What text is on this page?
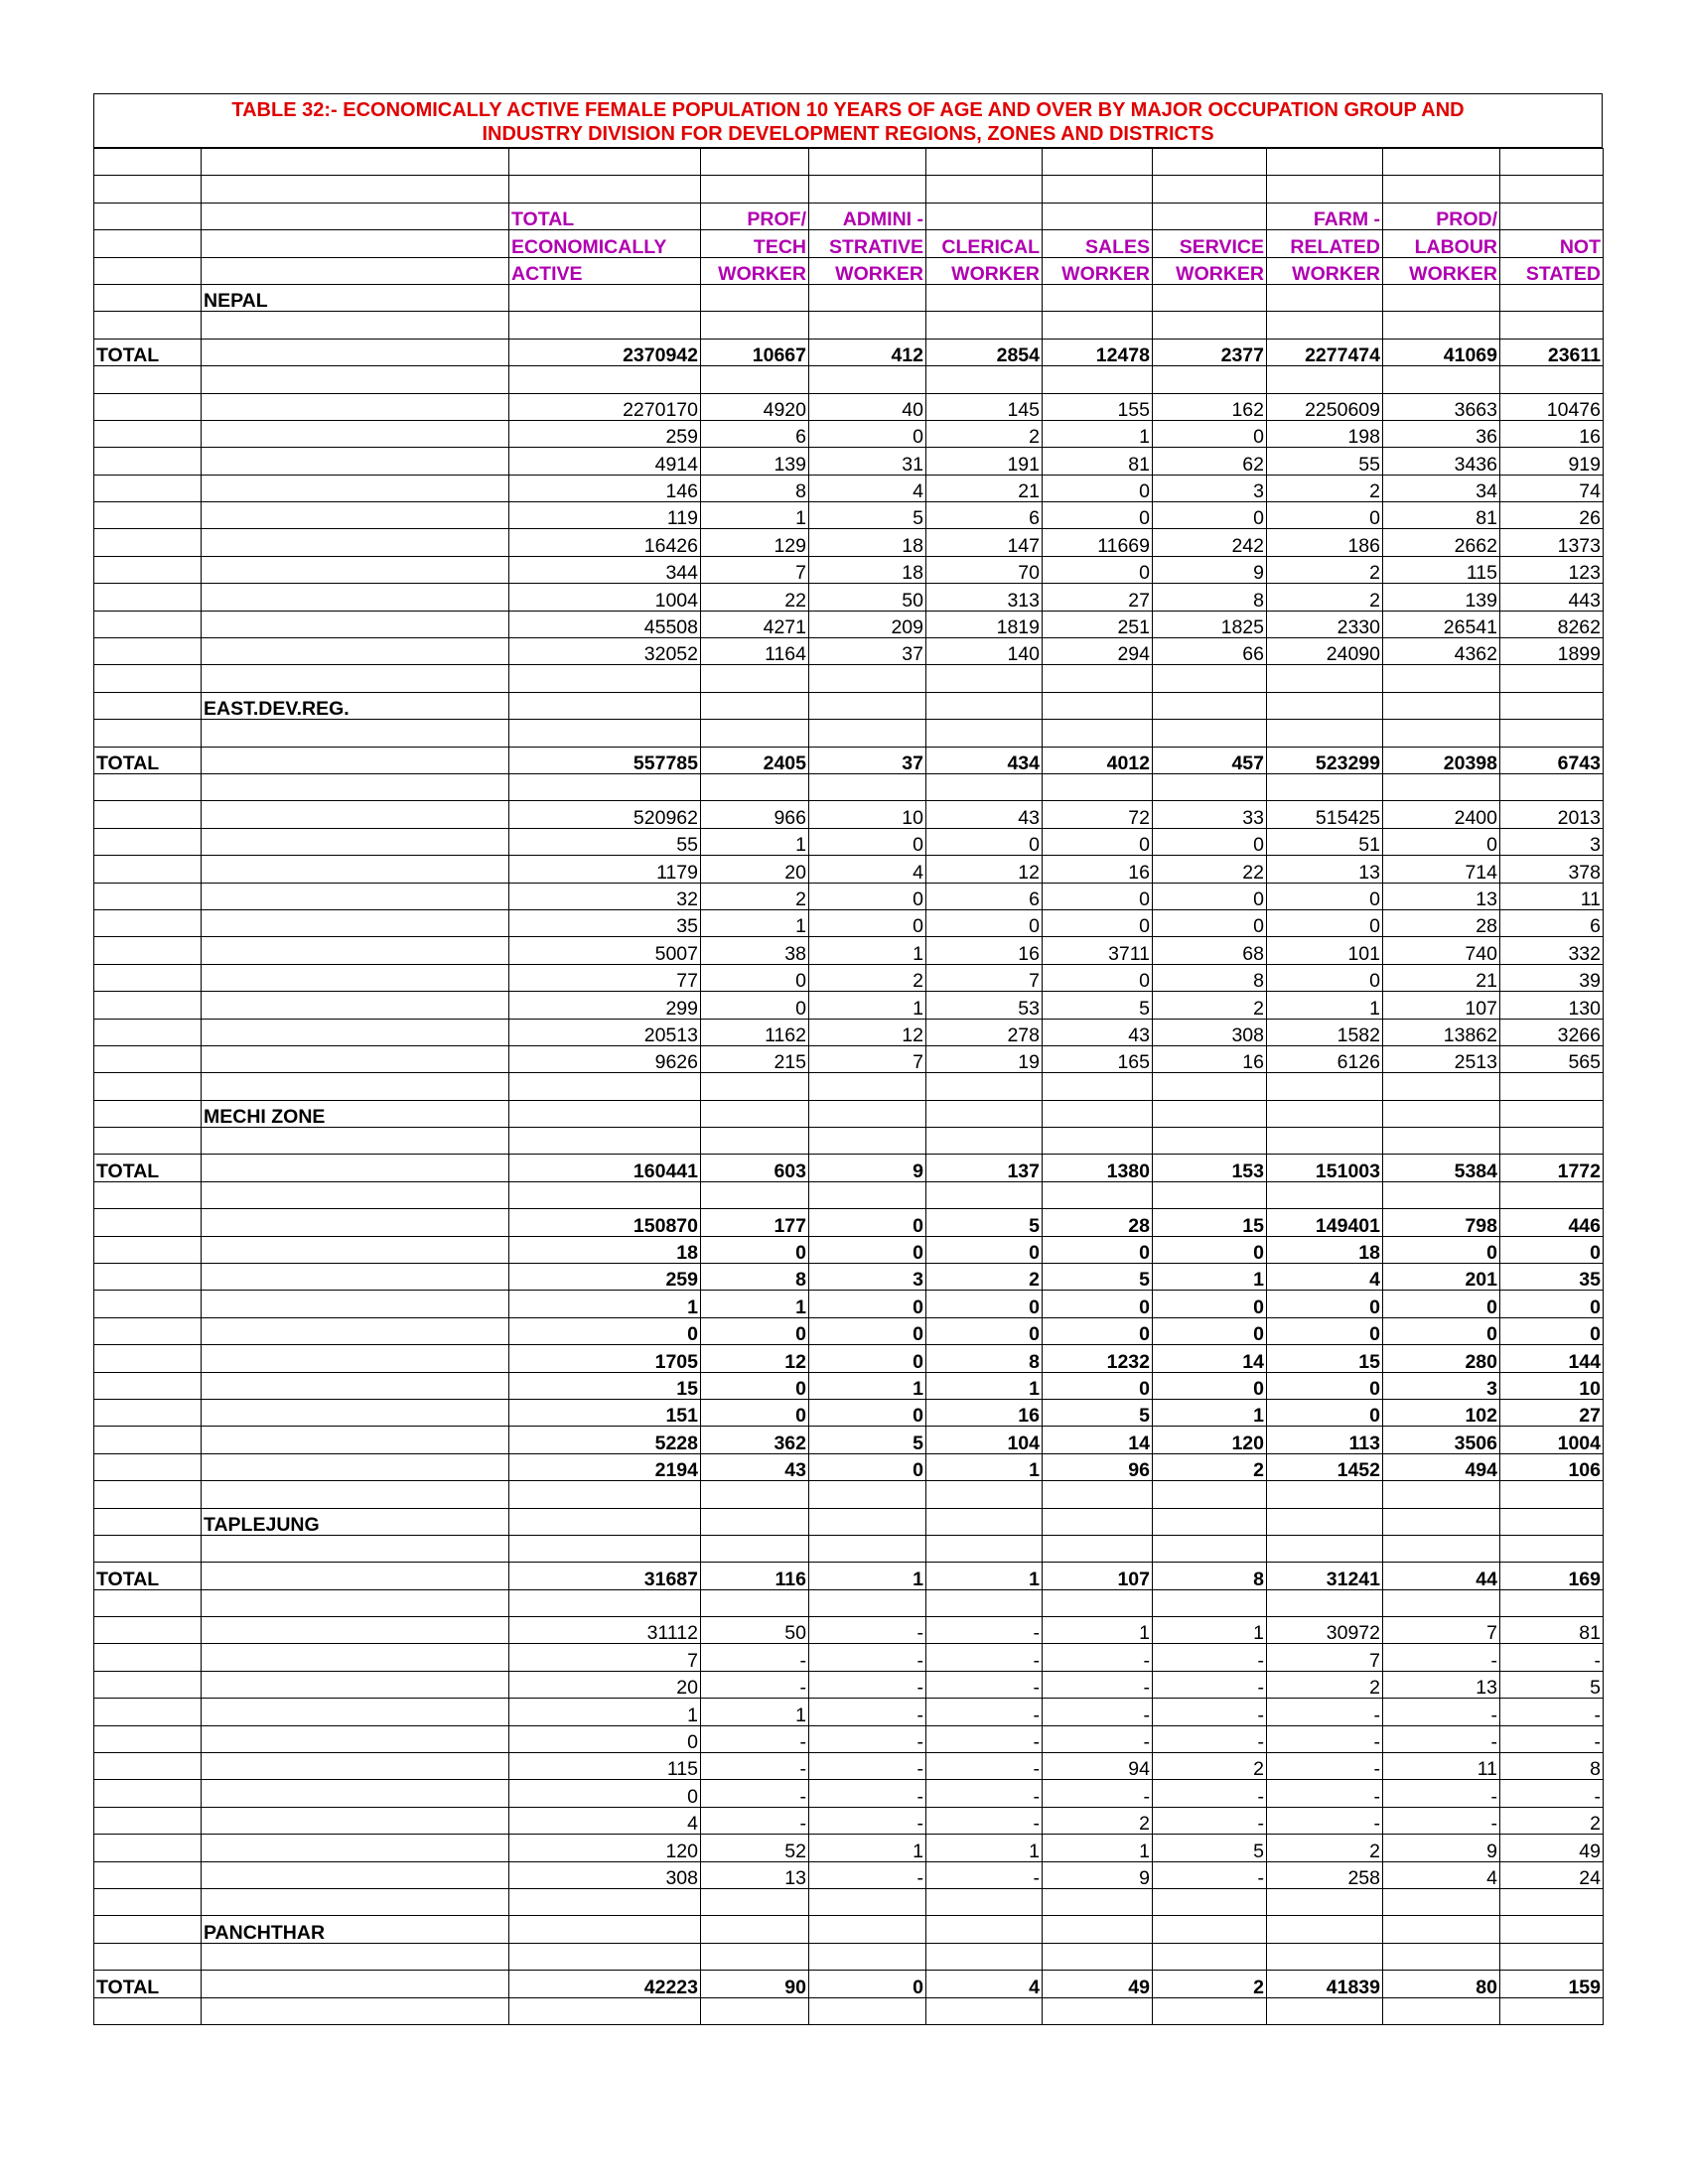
TABLE 32:- ECONOMICALLY ACTIVE FEMALE POPULATION 10 YEARS OF AGE AND OVER BY MAJOR OCCUPATION GROUP AND
INDUSTRY DIVISION FOR DEVELOPMENT REGIONS, ZONES AND DISTRICTS

		TOTAL	PROF/	ADMINI -				FARM -	PROD/	
		ECONOMICALLY	TECH	STRATIVE	CLERICAL	SALES	SERVICE	RELATED	LABOUR	NOT
		ACTIVE	WORKER	WORKER	WORKER	WORKER	WORKER	WORKER	WORKER	STATED
	NEPAL									

TOTAL		2370942	10667	412	2854	12478	2377	2277474	41069	23611

		2270170	4920	40	145	155	162	2250609	3663	10476
		259	6	0	2	1	0	198	36	16
		4914	139	31	191	81	62	55	3436	919
		146	8	4	21	0	3	2	34	74
		119	1	5	6	0	0	0	81	26
		16426	129	18	147	11669	242	186	2662	1373
		344	7	18	70	0	9	2	115	123
		1004	22	50	313	27	8	2	139	443
		45508	4271	209	1819	251	1825	2330	26541	8262
		32052	1164	37	140	294	66	24090	4362	1899

	EAST.DEV.REG.									

TOTAL		557785	2405	37	434	4012	457	523299	20398	6743

		520962	966	10	43	72	33	515425	2400	2013
		55	1	0	0	0	0	51	0	3
		1179	20	4	12	16	22	13	714	378
		32	2	0	6	0	0	0	13	11
		35	1	0	0	0	0	0	28	6
		5007	38	1	16	3711	68	101	740	332
		77	0	2	7	0	8	0	21	39
		299	0	1	53	5	2	1	107	130
		20513	1162	12	278	43	308	1582	13862	3266
		9626	215	7	19	165	16	6126	2513	565

	MECHI ZONE									

TOTAL		160441	603	9	137	1380	153	151003	5384	1772

		150870	177	0	5	28	15	149401	798	446
		18	0	0	0	0	0	18	0	0
		259	8	3	2	5	1	4	201	35
		1	1	0	0	0	0	0	0	0
		0	0	0	0	0	0	0	0	0
		1705	12	0	8	1232	14	15	280	144
		15	0	1	1	0	0	0	3	10
		151	0	0	16	5	1	0	102	27
		5228	362	5	104	14	120	113	3506	1004
		2194	43	0	1	96	2	1452	494	106

	TAPLEJUNG									

TOTAL		31687	116	1	1	107	8	31241	44	169

		31112	50	-	-	1	1	30972	7	81
		7	-	-	-	-	-	7	-	-
		20	-	-	-	-	-	2	13	5
		1	1	-	-	-	-	-	-	-
		0	-	-	-	-	-	-	-	-
		115	-	-	-	94	2	-	11	8
		0	-	-	-	-	-	-	-	-
		4	-	-	-	2	-	-	-	2
		120	52	1	1	1	5	2	9	49
		308	13	-	-	9	-	258	4	24

	PANCHTHAR									

TOTAL		42223	90	0	4	49	2	41839	80	159
